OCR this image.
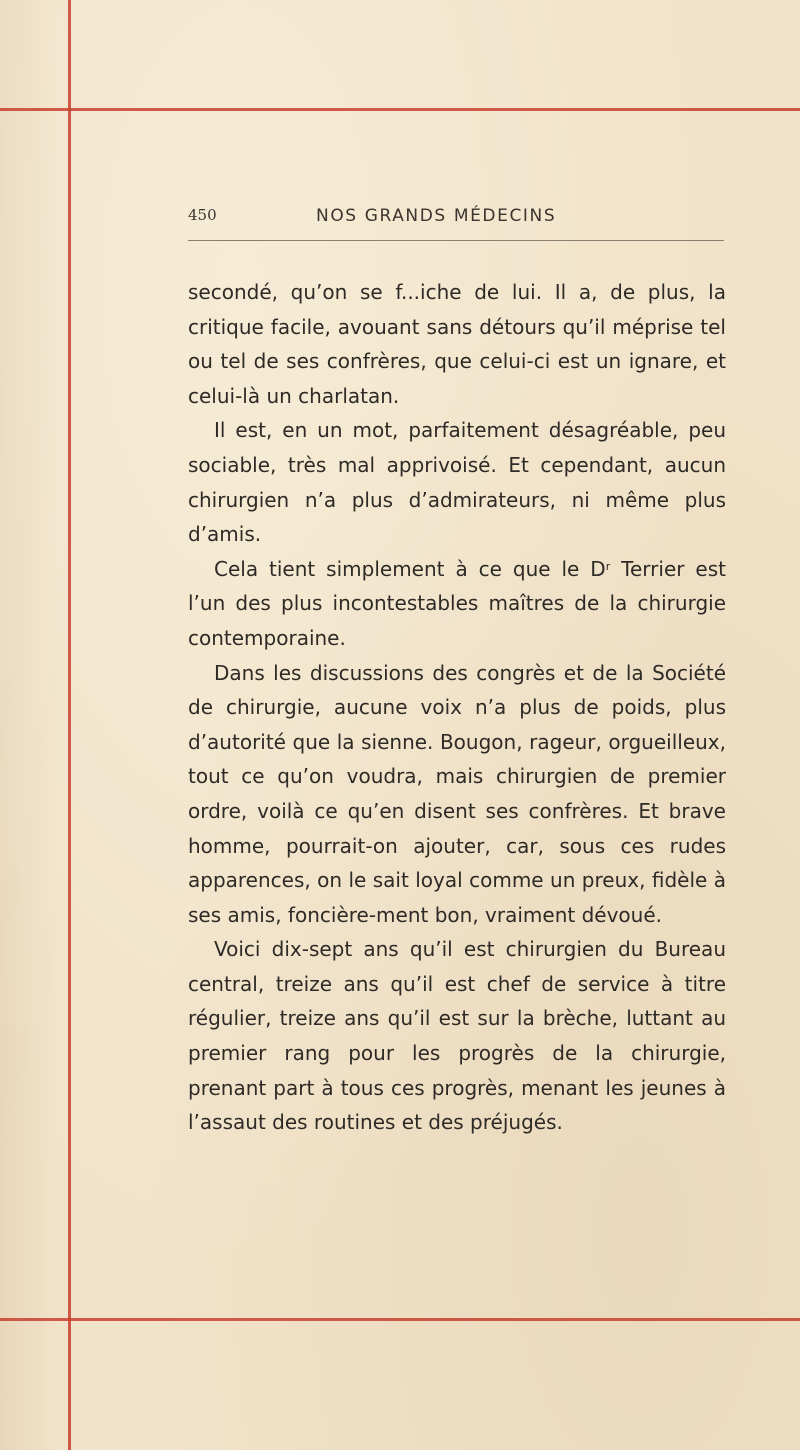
450	NOS GRANDS MÉDECINS

secondé, qu’on se f...iche de lui. Il a, de plus, la critique facile, avouant sans détours qu’il méprise tel ou tel de ses confrères, que celui-ci est un ignare, et celui-là un charlatan.

Il est, en un mot, parfaitement désagréable, peu sociable, très mal apprivoisé. Et cependant, aucun chirurgien n’a plus d’admirateurs, ni même plus d’amis.

Cela tient simplement à ce que le $D^r$ Terrier est l’un des plus incontestables maîtres de la chirurgie contemporaine.

Dans les discussions des congrès et de la Société de chirurgie, aucune voix n’a plus de poids, plus d’autorité que la sienne. Bougon, rageur, orgueilleux, tout ce qu’on voudra, mais chirurgien de premier ordre, voilà ce qu’en disent ses confrères. Et brave homme, pourrait-on ajouter, car, sous ces rudes apparences, on le sait loyal comme un preux, fidèle à ses amis, foncière-ment bon, vraiment dévoué.

Voici dix-sept ans qu’il est chirurgien du Bureau central, treize ans qu’il est chef de service à titre régulier, treize ans qu’il est sur la brèche, luttant au premier rang pour les progrès de la chirurgie, prenant part à tous ces progrès, menant les jeunes à l’assaut des routines et des préjugés.
